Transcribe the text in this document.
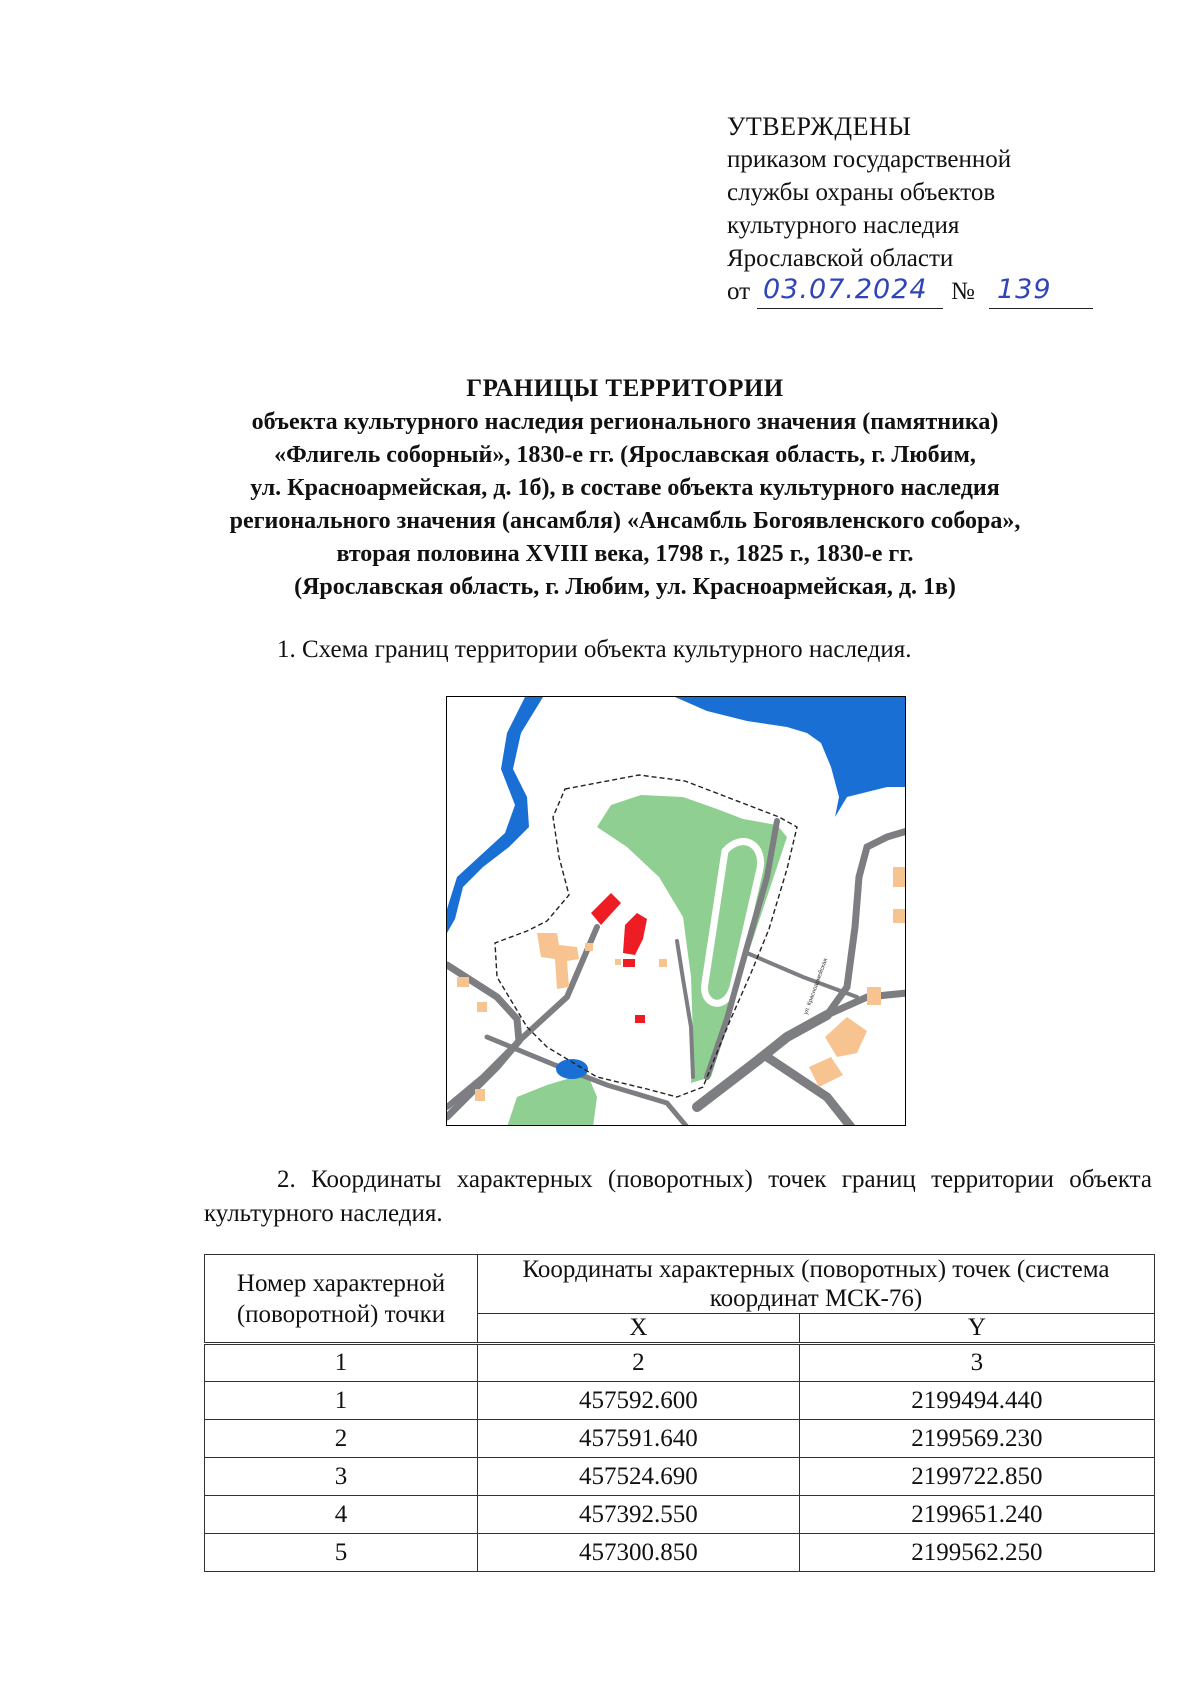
УТВЕРЖДЕНЫ
приказом государственной
службы охраны объектов
культурного наследия
Ярославской области
от 03.07.2024 № 139
ГРАНИЦЫ ТЕРРИТОРИИ
объекта культурного наследия регионального значения (памятника)
«Флигель соборный», 1830-е гг. (Ярославская область, г. Любим,
ул. Красноармейская, д. 1б), в составе объекта культурного наследия
регионального значения (ансамбля) «Ансамбль Богоявленского собора»,
вторая половина XVIII века, 1798 г., 1825 г., 1830-е гг.
(Ярославская область, г. Любим, ул. Красноармейская, д. 1в)
1. Схема границ территории объекта культурного наследия.
ул. Красноармейская
2. Координаты характерных (поворотных) точек границ территории объекта культурного наследия.
Номер характерной (поворотной) точки	Координаты характерных (поворотных) точек (система координат МСК-76)	
	X	Y
1	2	3
1	457592.600	2199494.440
2	457591.640	2199569.230
3	457524.690	2199722.850
4	457392.550	2199651.240
5	457300.850	2199562.250
